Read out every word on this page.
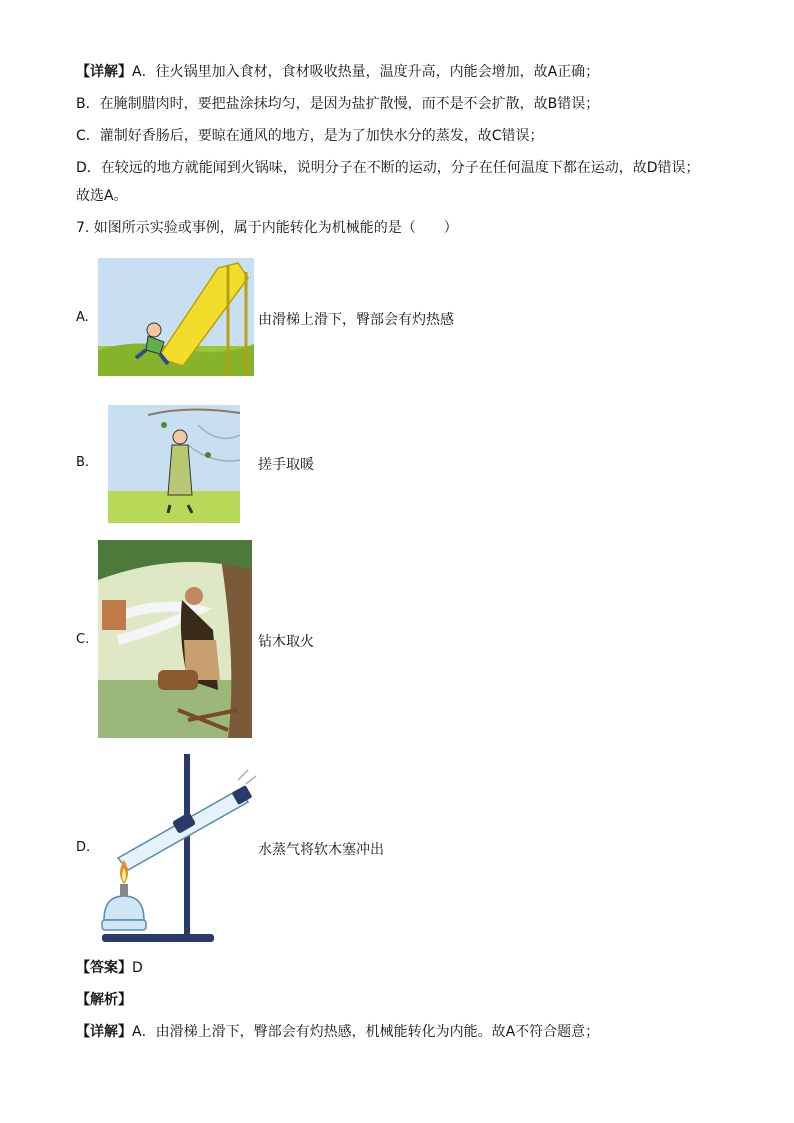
【详解】A．往火锅里加入食材，食材吸收热量，温度升高，内能会增加，故A正确；
B．在腌制腊肉时，要把盐涂抹均匀，是因为盐扩散慢，而不是不会扩散，故B错误；
C．灌制好香肠后，要晾在通风的地方，是为了加快水分的蒸发，故C错误；
D．在较远的地方就能闻到火锅味，说明分子在不断的运动，分子在任何温度下都在运动，故D错误；
故选A。
7. 如图所示实验或事例，属于内能转化为机械能的是（　　）
A.	由滑梯上滑下，臀部会有灼热感
B.	搓手取暖
C.	钻木取火
D.	水蒸气将软木塞冲出
【答案】D
【解析】
【详解】A．由滑梯上滑下，臀部会有灼热感，机械能转化为内能。故A不符合题意；
